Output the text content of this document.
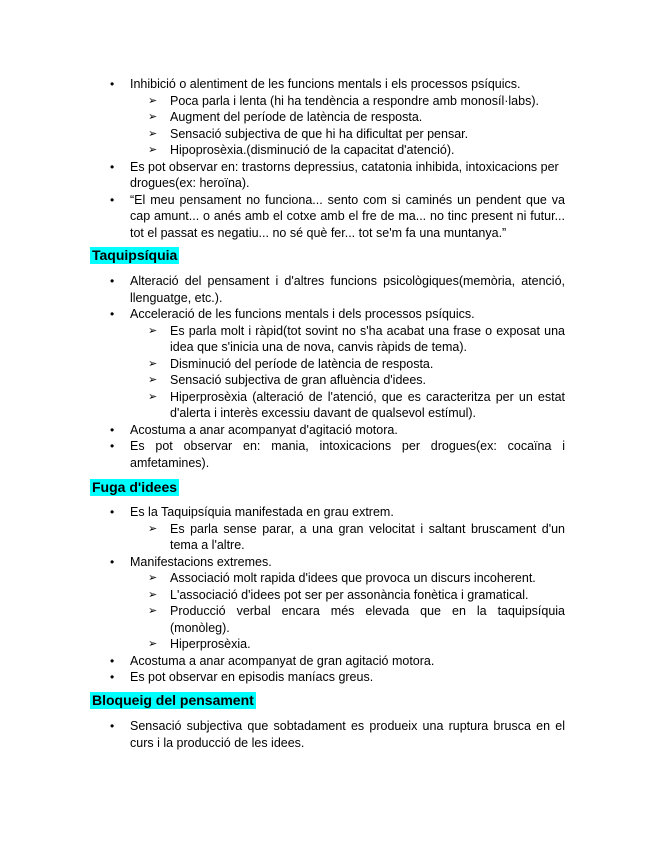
• Inhibició o alentiment de les funcions mentals i els processos psíquics.
➢ Poca parla i lenta (hi ha tendència a respondre amb monosíl·labs).
➢ Augment del període de latència de resposta.
➢ Sensació subjectiva de que hi ha dificultat per pensar.
➢ Hipoprosèxia.(disminució de la capacitat d'atenció).
• Es pot observar en: trastorns depressius, catatonia inhibida, intoxicacions per drogues(ex: heroïna).
• “El meu pensament no funciona... sento com si caminés un pendent que va cap amunt... o anés amb el cotxe amb el fre de ma... no tinc present ni futur... tot el passat es negatiu... no sé què fer... tot se'm fa una muntanya.”
Taquipsíquia
• Alteració del pensament i d'altres funcions psicològiques(memòria, atenció, llenguatge, etc.).
• Acceleració de les funcions mentals i dels processos psíquics.
➢ Es parla molt i ràpid(tot sovint no s'ha acabat una frase o exposat una idea que s'inicia una de nova, canvis ràpids de tema).
➢ Disminució del període de latència de resposta.
➢ Sensació subjectiva de gran afluència d'idees.
➢ Hiperprosèxia (alteració de l'atenció, que es caracteritza per un estat d'alerta i interès excessiu davant de qualsevol estímul).
• Acostuma a anar acompanyat d'agitació motora.
• Es pot observar en: mania, intoxicacions per drogues(ex: cocaïna i amfetamines).
Fuga d'idees
• Es la Taquipsíquia manifestada en grau extrem.
➢ Es parla sense parar, a una gran velocitat i saltant bruscament d'un tema a l'altre.
• Manifestacions extremes.
➢ Associació molt rapida d'idees que provoca un discurs incoherent.
➢ L'associació d'idees pot ser per assonància fonètica i gramatical.
➢ Producció verbal encara més elevada que en la taquipsíquia (monòleg).
➢ Hiperprosèxia.
• Acostuma a anar acompanyat de gran agitació motora.
• Es pot observar en episodis maníacs greus.
Bloqueig del pensament
• Sensació subjectiva que sobtadament es produeix una ruptura brusca en el curs i la producció de les idees.
